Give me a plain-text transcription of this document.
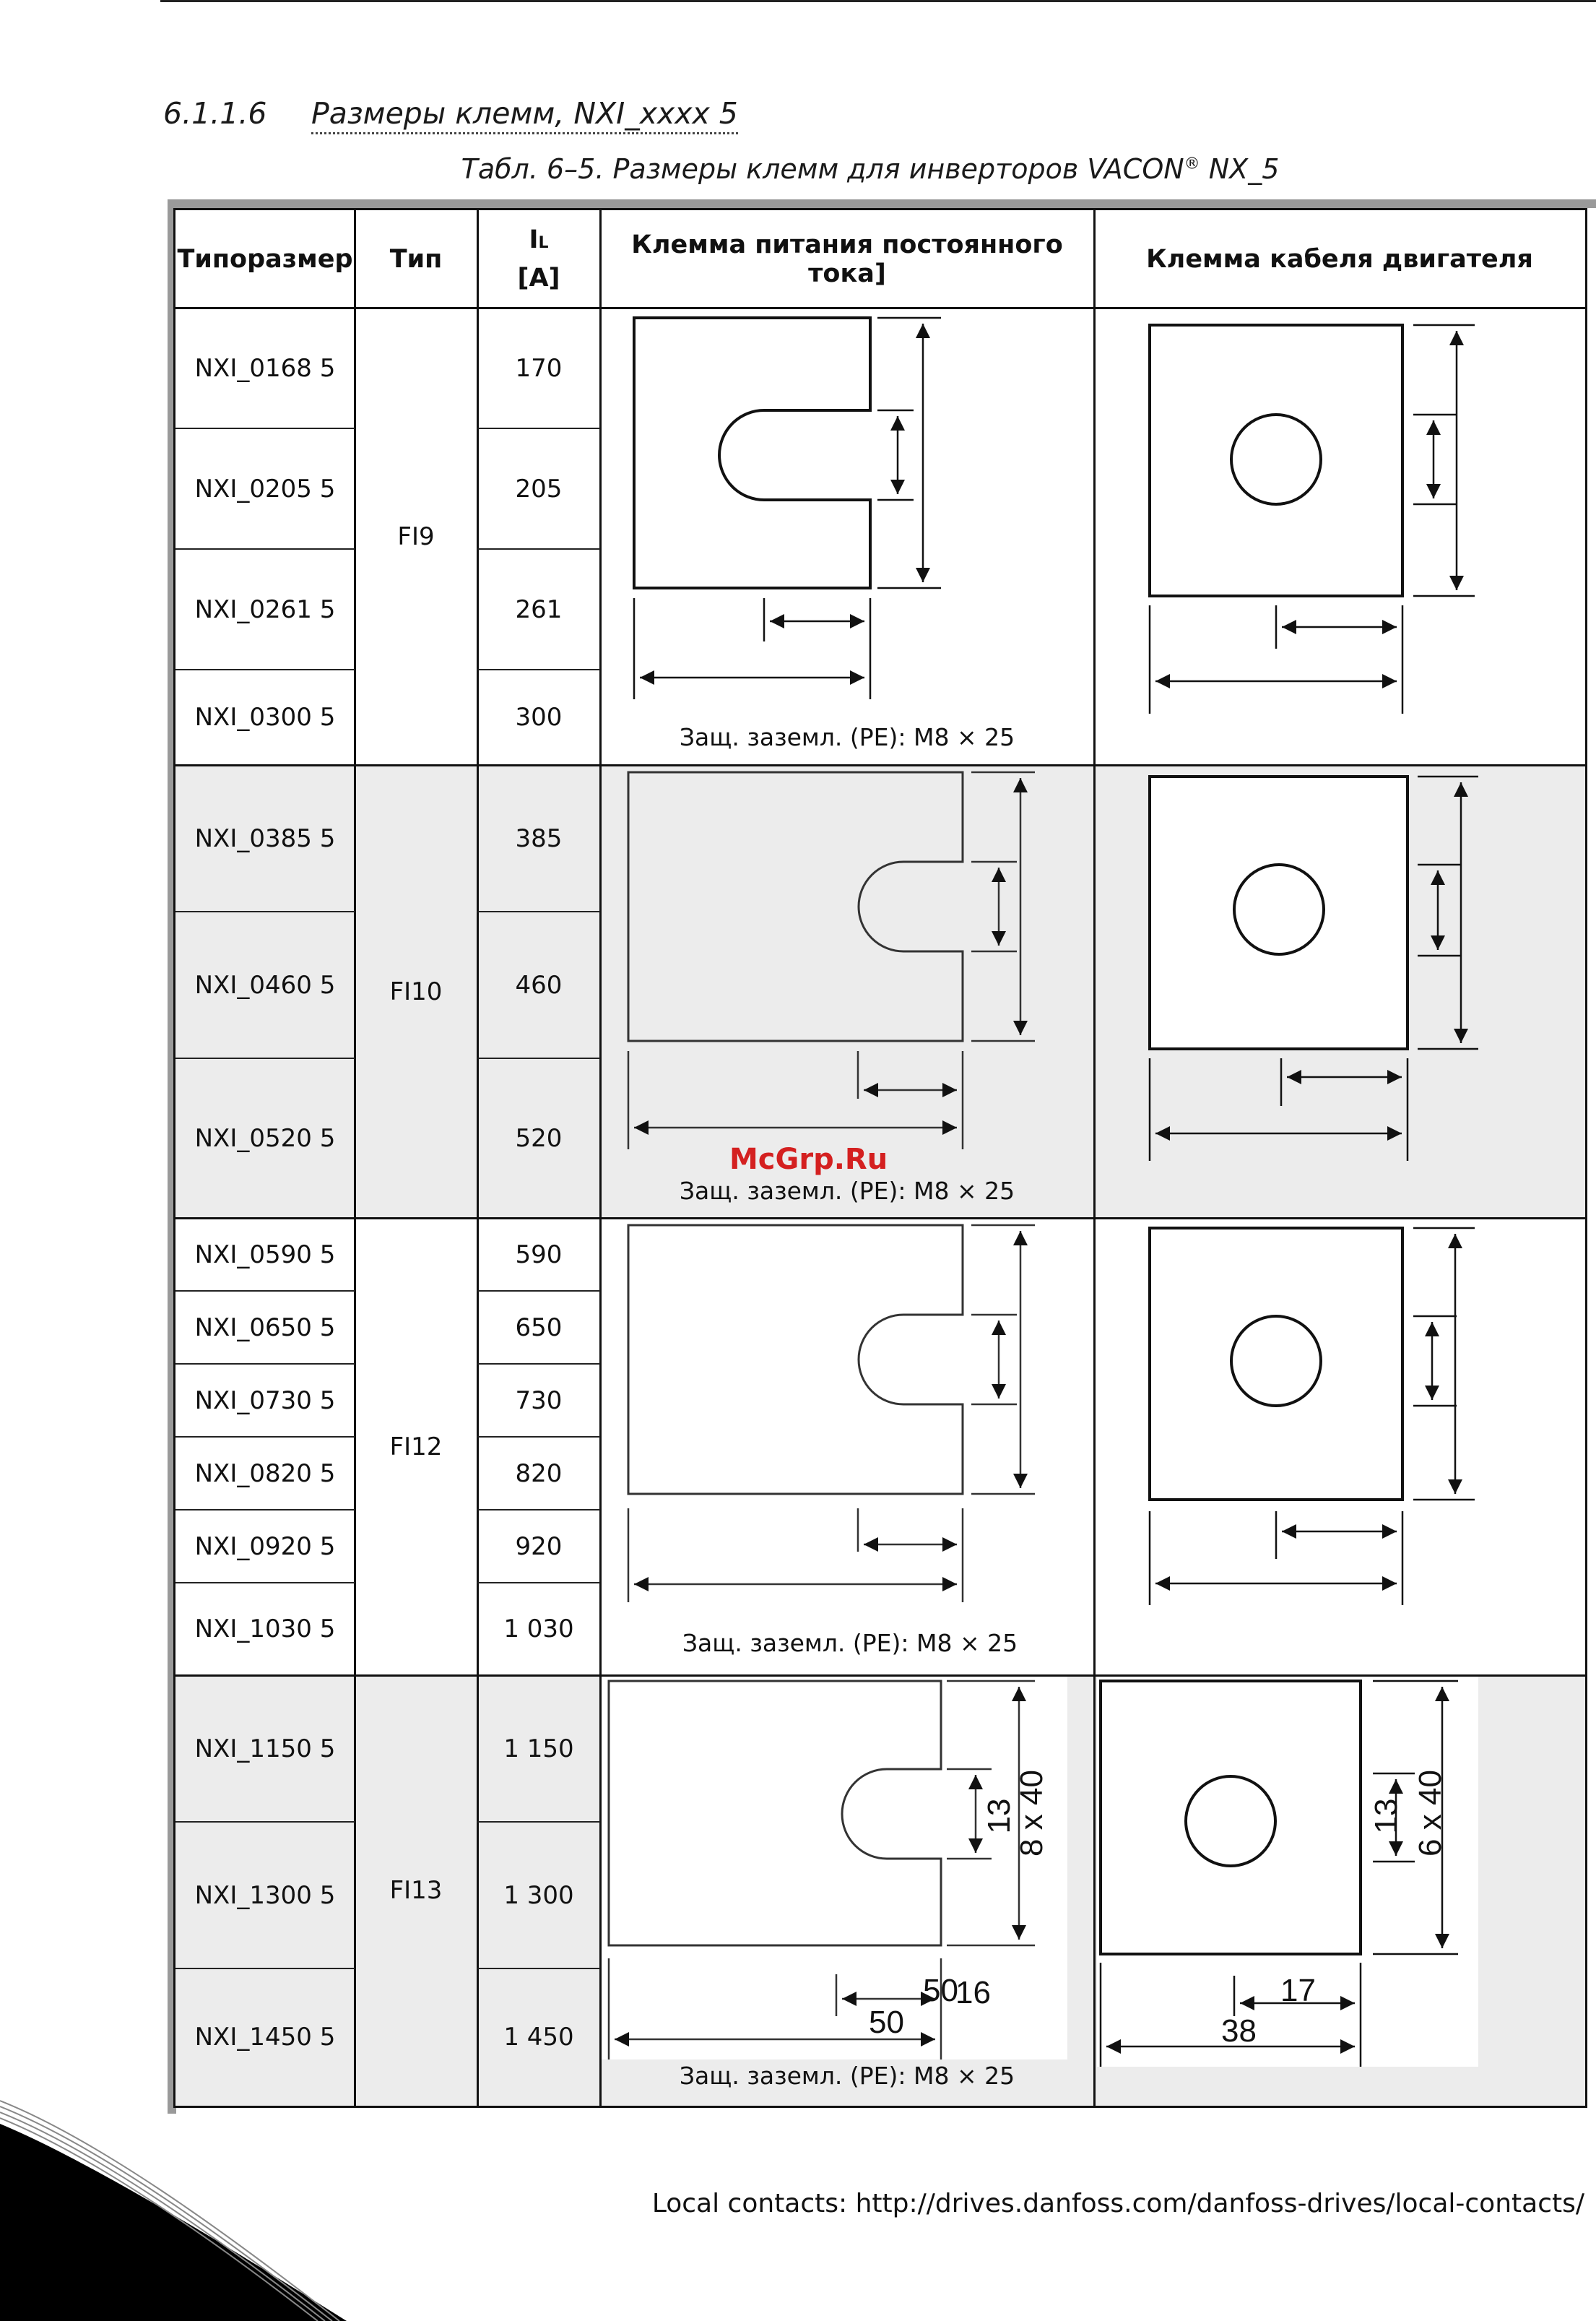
6.1.1.6 Размеры клемм, NXI_xxxx 5
Табл. 6–5. Размеры клемм для инверторов VACON® NX_5
Типоразмер	Тип
IL
[A]
Клемма питания постоянного тока]	Клемма кабеля двигателя
NXI_0168 5
NXI_0205 5
NXI_0261 5
NXI_0300 5
FI9
170
205
261
300
NXI_0385 5
NXI_0460 5
NXI_0520 5
FI10
385
460
520
NXI_0590 5
NXI_0650 5
NXI_0730 5
NXI_0820 5
NXI_0920 5
NXI_1030 5
FI12
590
650
730
820
920
1 030
NXI_1150 5
NXI_1300 5
NXI_1450 5
FI13
1 150
1 300
1 450
Защ. заземл. (PE): M8 × 25
Защ. заземл. (PE): M8 × 25
Защ. заземл. (PE): M8 × 25
50
50
16
13
8 x 40
Защ. заземл. (PE): M8 × 25
17
38
13 6 x 40
McGrp.Ru
Local contacts: http://drives.danfoss.com/danfoss-drives/local-contacts/
